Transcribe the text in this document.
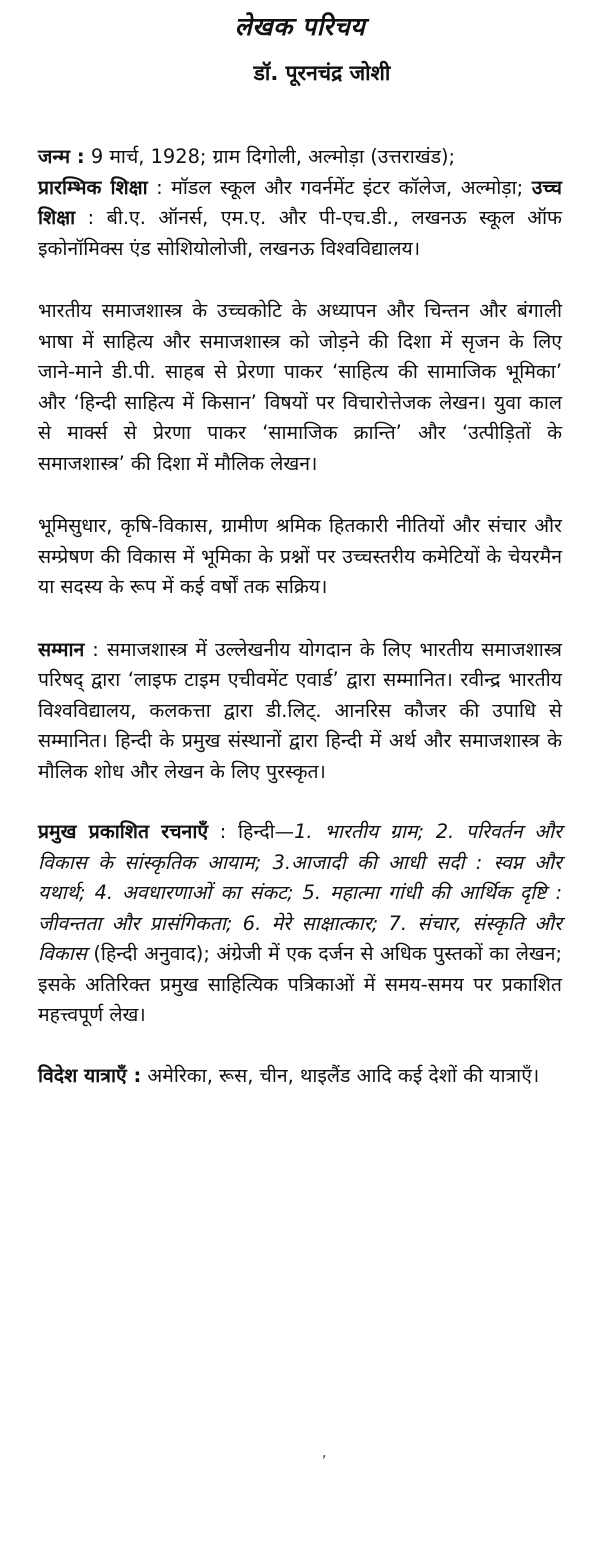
लेखक परिचय
डॉ. पूरनचंद्र जोशी

जन्म : 9 मार्च, 1928; ग्राम दिगोली, अल्मोड़ा (उत्तराखंड);
प्रारम्भिक शिक्षा : मॉडल स्कूल और गवर्नमेंट इंटर कॉलेज, अल्मोड़ा; उच्च शिक्षा : बी.ए. ऑनर्स, एम.ए. और पी-एच.डी., लखनऊ स्कूल ऑफ इकोनॉमिक्स एंड सोशियोलोजी, लखनऊ विश्वविद्यालय।

भारतीय समाजशास्त्र के उच्चकोटि के अध्यापन और चिन्तन और बंगाली भाषा में साहित्य और समाजशास्त्र को जोड़ने की दिशा में सृजन के लिए जाने-माने डी.पी. साहब से प्रेरणा पाकर ‘साहित्य की सामाजिक भूमिका’ और ‘हिन्दी साहित्य में किसान’ विषयों पर विचारोत्तेजक लेखन। युवा काल से मार्क्स से प्रेरणा पाकर ‘सामाजिक क्रान्ति’ और ‘उत्पीड़ितों के समाजशास्त्र’ की दिशा में मौलिक लेखन।

भूमिसुधार, कृषि-विकास, ग्रामीण श्रमिक हितकारी नीतियों और संचार और सम्प्रेषण की विकास में भूमिका के प्रश्नों पर उच्चस्तरीय कमेटियों के चेयरमैन या सदस्य के रूप में कई वर्षों तक सक्रिय।

सम्मान : समाजशास्त्र में उल्लेखनीय योगदान के लिए भारतीय समाजशास्त्र परिषद् द्वारा ‘लाइफ टाइम एचीवमेंट एवार्ड’ द्वारा सम्मानित। रवीन्द्र भारतीय विश्वविद्यालय, कलकत्ता द्वारा डी.लिट्. आनरिस कौजर की उपाधि से सम्मानित। हिन्दी के प्रमुख संस्थानों द्वारा हिन्दी में अर्थ और समाजशास्त्र के मौलिक शोध और लेखन के लिए पुरस्कृत।

प्रमुख प्रकाशित रचनाएँ : हिन्दी—1. भारतीय ग्राम; 2. परिवर्तन और विकास के सांस्कृतिक आयाम; 3.आजादी की आधी सदी : स्वप्न और यथार्थ; 4. अवधारणाओं का संकट; 5. महात्मा गांधी की आर्थिक दृष्टि : जीवन्तता और प्रासंगिकता; 6. मेरे साक्षात्कार; 7. संचार, संस्कृति और विकास (हिन्दी अनुवाद); अंग्रेजी में एक दर्जन से अधिक पुस्तकों का लेखन; इसके अतिरिक्त प्रमुख साहित्यिक पत्रिकाओं में समय-समय पर प्रकाशित महत्त्वपूर्ण लेख।

विदेश यात्राएँ : अमेरिका, रूस, चीन, थाइलैंड आदि कई देशों की यात्राएँ।

,
